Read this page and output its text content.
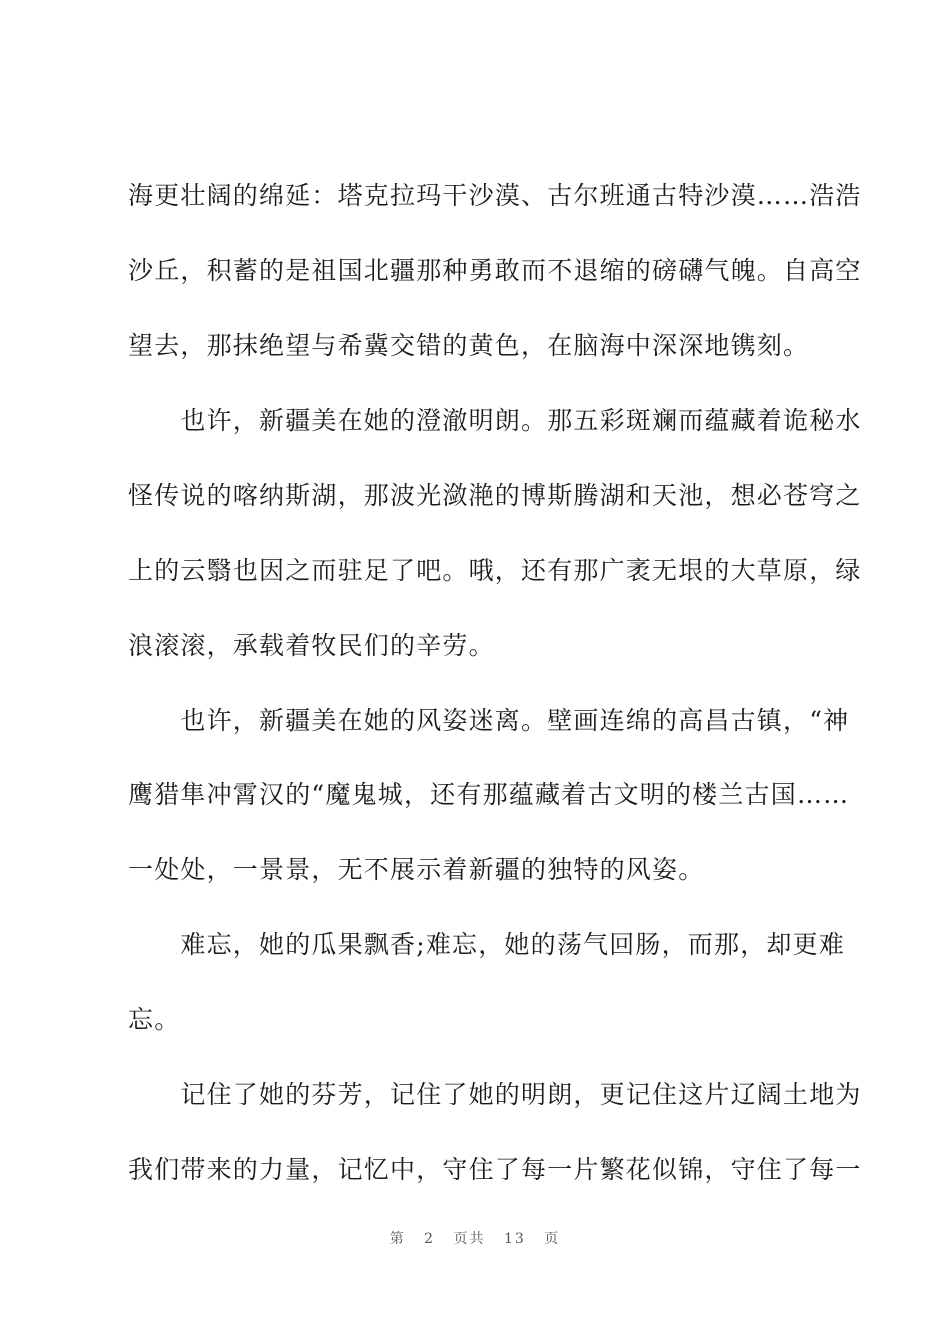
海更壮阔的绵延：塔克拉玛干沙漠、古尔班通古特沙漠……浩浩
沙丘，积蓄的是祖国北疆那种勇敢而不退缩的磅礴气魄。自高空
望去，那抹绝望与希冀交错的黄色，在脑海中深深地镌刻。
　　也许，新疆美在她的澄澈明朗。那五彩斑斓而蕴藏着诡秘水
怪传说的喀纳斯湖，那波光潋滟的博斯腾湖和天池，想必苍穹之
上的云翳也因之而驻足了吧。哦，还有那广袤无垠的大草原，绿
浪滚滚，承载着牧民们的辛劳。
　　也许，新疆美在她的风姿迷离。壁画连绵的高昌古镇，“神
鹰猎隼冲霄汉的“魔鬼城，还有那蕴藏着古文明的楼兰古国……
一处处，一景景，无不展示着新疆的独特的风姿。
　　难忘，她的瓜果飘香;难忘，她的荡气回肠，而那，却更难
忘。
　　记住了她的芬芳，记住了她的明朗，更记住这片辽阔土地为
我们带来的力量，记忆中，守住了每一片繁花似锦，守住了每一
第 2 页共 13 页
